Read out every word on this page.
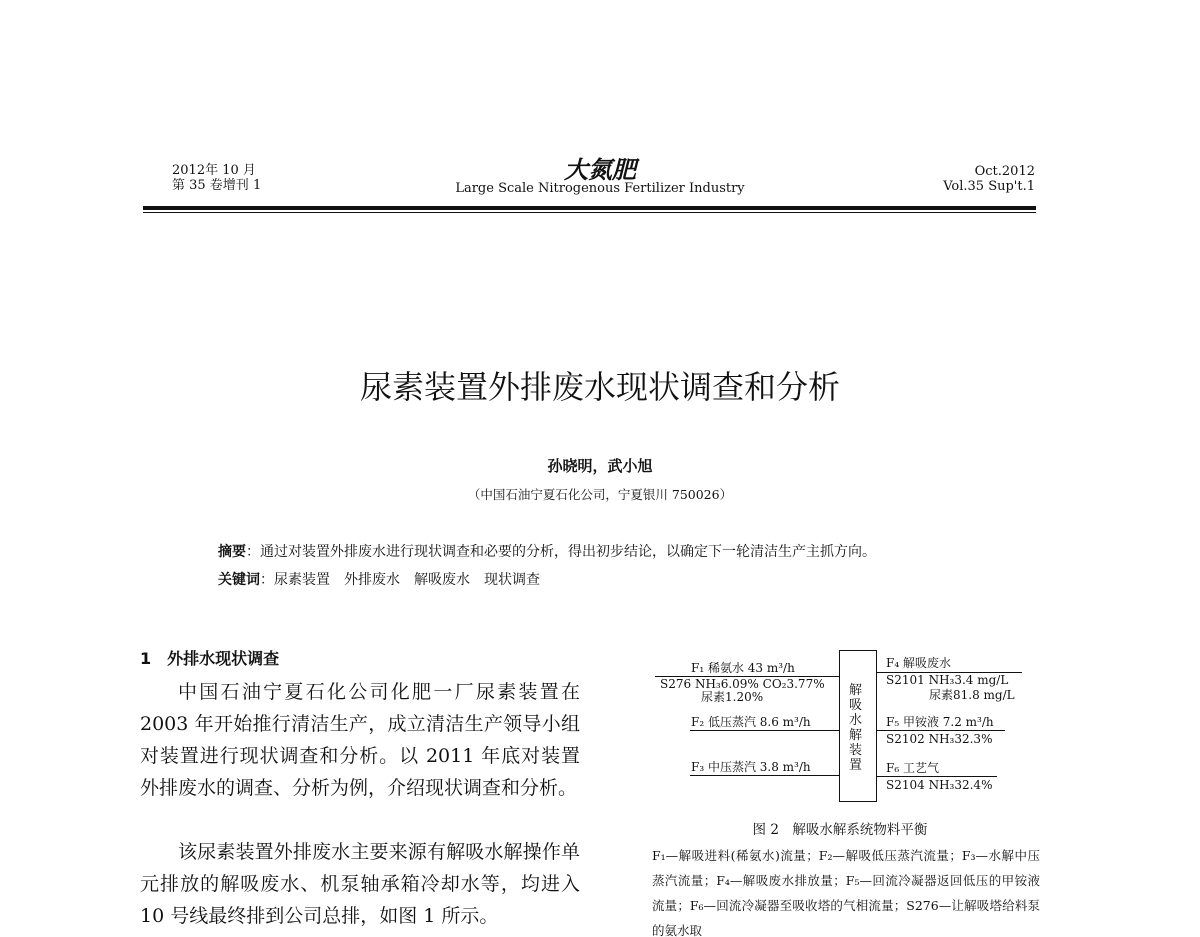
2012年 10 月
第 35 卷增刊 1
大氮肥
Large Scale Nitrogenous Fertilizer Industry
Oct.2012
Vol.35 Sup't.1
尿素装置外排废水现状调查和分析
孙晓明，武小旭
（中国石油宁夏石化公司，宁夏银川 750026）
摘要：通过对装置外排废水进行现状调查和必要的分析，得出初步结论，以确定下一轮清洁生产主抓方向。
关键词：尿素装置　外排废水　解吸废水　现状调查
1　外排水现状调查
中国石油宁夏石化公司化肥一厂尿素装置在2003 年开始推行清洁生产，成立清洁生产领导小组对装置进行现状调查和分析。以 2011 年底对装置外排废水的调查、分析为例，介绍现状调查和分析。
该尿素装置外排废水主要来源有解吸水解操作单元排放的解吸废水、机泵轴承箱冷却水等，均进入 10 号线最终排到公司总排，如图 1 所示。
解吸水解装置
F₁ 稀氨水 43 m³/h
S276 NH₃6.09% CO₂3.77%
尿素1.20%
F₂ 低压蒸汽 8.6 m³/h
F₃ 中压蒸汽 3.8 m³/h
F₄ 解吸废水
S2101 NH₃3.4 mg/L
尿素81.8 mg/L
F₅ 甲铵液 7.2 m³/h
S2102 NH₃32.3%
F₆ 工艺气
S2104 NH₃32.4%
图 2　解吸水解系统物料平衡
F₁—解吸进料(稀氨水)流量；F₂—解吸低压蒸汽流量；F₃—水解中压蒸汽流量；F₄—解吸废水排放量；F₅—回流冷凝器返回低压的甲铵液流量；F₆—回流冷凝器至吸收塔的气相流量；S276—让解吸塔给料泵的氨水取
